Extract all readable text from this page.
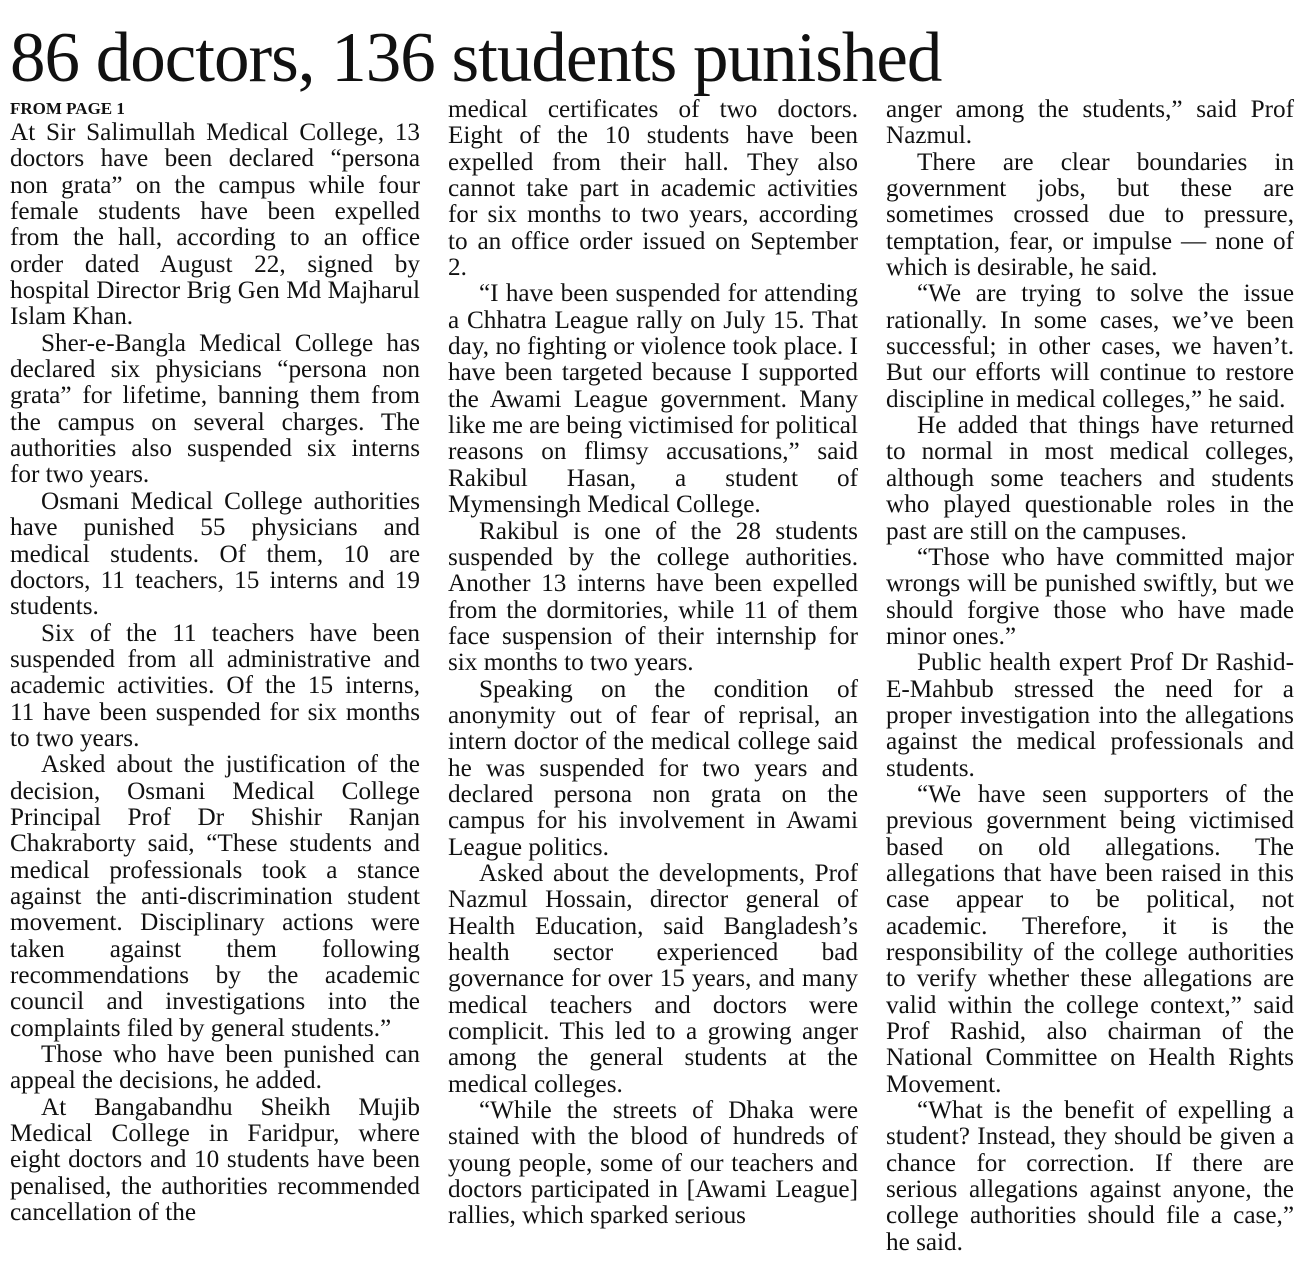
86 doctors, 136 students punished
FROM PAGE 1

At Sir Salimullah Medical College, 13 doctors have been declared “persona non grata” on the campus while four female students have been expelled from the hall, according to an office order dated August 22, signed by hospital Director Brig Gen Md Majharul Islam Khan.

Sher-e-Bangla Medical College has declared six physicians “persona non grata” for lifetime, banning them from the campus on several charges. The authorities also suspended six interns for two years.

Osmani Medical College authorities have punished 55 physicians and medical students. Of them, 10 are doctors, 11 teachers, 15 interns and 19 students.

Six of the 11 teachers have been suspended from all administrative and academic activities. Of the 15 interns, 11 have been suspended for six months to two years.

Asked about the justification of the decision, Osmani Medical College Principal Prof Dr Shishir Ranjan Chakraborty said, “These students and medical professionals took a stance against the anti-discrimination student movement. Disciplinary actions were taken against them following recommendations by the academic council and investigations into the complaints filed by general students.”

Those who have been punished can appeal the decisions, he added.

At Bangabandhu Sheikh Mujib Medical College in Faridpur, where eight doctors and 10 students have been penalised, the authorities recommended cancellation of the

medical certificates of two doctors. Eight of the 10 students have been expelled from their hall. They also cannot take part in academic activities for six months to two years, according to an office order issued on September 2.

“I have been suspended for attending a Chhatra League rally on July 15. That day, no fighting or violence took place. I have been targeted because I supported the Awami League government. Many like me are being victimised for political reasons on flimsy accusations,” said Rakibul Hasan, a student of Mymensingh Medical College.

Rakibul is one of the 28 students suspended by the college authorities. Another 13 interns have been expelled from the dormitories, while 11 of them face suspension of their internship for six months to two years.

Speaking on the condition of anonymity out of fear of reprisal, an intern doctor of the medical college said he was suspended for two years and declared persona non grata on the campus for his involvement in Awami League politics.

Asked about the developments, Prof Nazmul Hossain, director general of Health Education, said Bangladesh’s health sector experienced bad governance for over 15 years, and many medical teachers and doctors were complicit. This led to a growing anger among the general students at the medical colleges.

“While the streets of Dhaka were stained with the blood of hundreds of young people, some of our teachers and doctors participated in [Awami League] rallies, which sparked serious

anger among the students,” said Prof Nazmul.

There are clear boundaries in government jobs, but these are sometimes crossed due to pressure, temptation, fear, or impulse — none of which is desirable, he said.

“We are trying to solve the issue rationally. In some cases, we’ve been successful; in other cases, we haven’t. But our efforts will continue to restore discipline in medical colleges,” he said.

He added that things have returned to normal in most medical colleges, although some teachers and students who played questionable roles in the past are still on the campuses.

“Those who have committed major wrongs will be punished swiftly, but we should forgive those who have made minor ones.”

Public health expert Prof Dr Rashid-E-Mahbub stressed the need for a proper investigation into the allegations against the medical professionals and students.

“We have seen supporters of the previous government being victimised based on old allegations. The allegations that have been raised in this case appear to be political, not academic. Therefore, it is the responsibility of the college authorities to verify whether these allegations are valid within the college context,” said Prof Rashid, also chairman of the National Committee on Health Rights Movement.

“What is the benefit of expelling a student? Instead, they should be given a chance for correction. If there are serious allegations against anyone, the college authorities should file a case,” he said.
